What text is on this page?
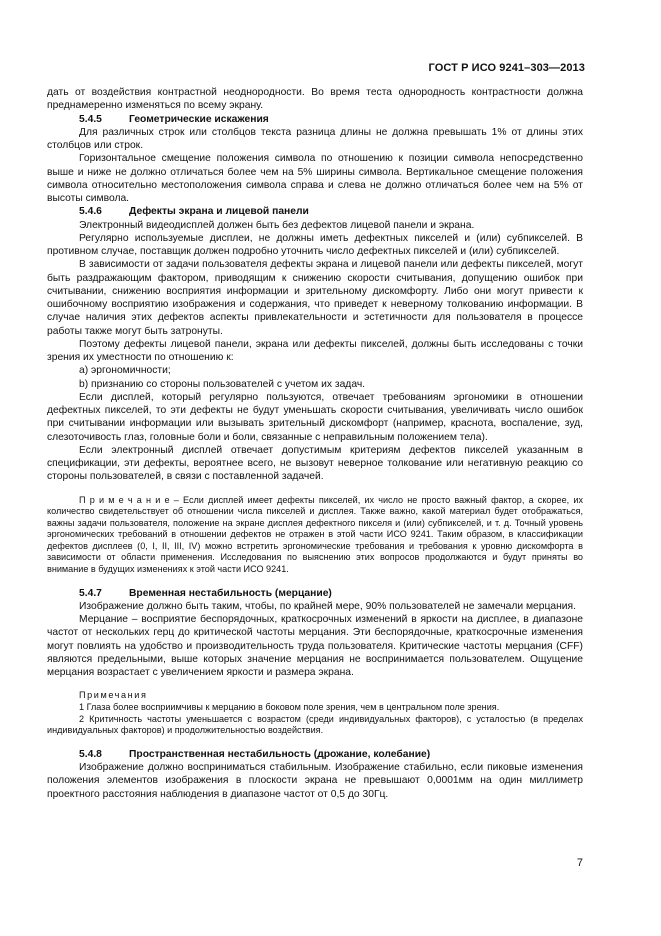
ГОСТ Р ИСО 9241–303—2013

дать от воздействия контрастной неоднородности. Во время теста однородность контрастности должна преднамеренно изменяться по всему экрану.

5.4.5	Геометрические искажения

Для различных строк или столбцов текста разница длины не должна превышать 1% от длины этих столбцов или строк.

Горизонтальное смещение положения символа по отношению к позиции символа непосредственно выше и ниже не должно отличаться более чем на 5% ширины символа. Вертикальное смещение положения символа относительно местоположения символа справа и слева не должно отличаться более чем на 5% от высоты символа.

5.4.6	Дефекты экрана и лицевой панели

Электронный видеодисплей должен быть без дефектов лицевой панели и экрана.

Регулярно используемые дисплеи, не должны иметь дефектных пикселей и (или) субпикселей. В противном случае, поставщик должен подробно уточнить число дефектных пикселей и (или) субпикселей.

В зависимости от задачи пользователя дефекты экрана и лицевой панели или дефекты пикселей, могут быть раздражающим фактором, приводящим к снижению скорости считывания, допущению ошибок при считывании, снижению восприятия информации и зрительному дискомфорту. Либо они могут привести к ошибочному восприятию изображения и содержания, что приведет к неверному толкованию информации. В случае наличия этих дефектов аспекты привлекательности и эстетичности для пользователя в процессе работы также могут быть затронуты.

Поэтому дефекты лицевой панели, экрана или дефекты пикселей, должны быть исследованы с точки зрения их уместности по отношению к:

а) эргономичности;

b) признанию со стороны пользователей с учетом их задач.

Если дисплей, который регулярно пользуются, отвечает требованиям эргономики в отношении дефектных пикселей, то эти дефекты не будут уменьшать скорости считывания, увеличивать число ошибок при считывании информации или вызывать зрительный дискомфорт (например, краснота, воспаление, зуд, слезоточивость глаз, головные боли и боли, связанные с неправильным положением тела).

Если электронный дисплей отвечает допустимым критериям дефектов пикселей указанным в спецификации, эти дефекты, вероятнее всего, не вызовут неверное толкование или негативную реакцию со стороны пользователей, в связи с поставленной задачей.

П р и м е ч а н и е – Если дисплей имеет дефекты пикселей, их число не просто важный фактор, а скорее, их количество свидетельствует об отношении числа пикселей и дисплея. Также важно, какой материал будет отображаться, важны задачи пользователя, положение на экране дисплея дефектного пикселя и (или) субпикселей, и т. д. Точный уровень эргономических требований в отношении дефектов не отражен в этой части ИСО 9241. Таким образом, в классификации дефектов дисплеев (0, I, II, III, IV) можно встретить эргономические требования и требования к уровню дискомфорта в зависимости от области применения. Исследования по выяснению этих вопросов продолжаются и будут приняты во внимание в будущих изменениях к этой части ИСО 9241.

5.4.7	Временная нестабильность (мерцание)

Изображение должно быть таким, чтобы, по крайней мере, 90% пользователей не замечали мерцания.

Мерцание – восприятие беспорядочных, краткосрочных изменений в яркости на дисплее, в диапазоне частот от нескольких герц до критической частоты мерцания. Эти беспорядочные, краткосрочные изменения могут повлиять на удобство и производительность труда пользователя. Критические частоты мерцания (CFF) являются предельными, выше которых значение мерцания не воспринимается пользователем. Ощущение мерцания возрастает с увеличением яркости и размера экрана.

Примечания

1 Глаза более восприимчивы к мерцанию в боковом поле зрения, чем в центральном поле зрения.

2 Критичность частоты уменьшается с возрастом (среди индивидуальных факторов), с усталостью (в пределах индивидуальных факторов) и продолжительностью воздействия.

5.4.8	Пространственная нестабильность (дрожание, колебание)

Изображение должно восприниматься стабильным. Изображение стабильно, если пиковые изменения положения элементов изображения в плоскости экрана не превышают 0,0001мм на один миллиметр проектного расстояния наблюдения в диапазоне частот от 0,5 до 30Гц.

7
